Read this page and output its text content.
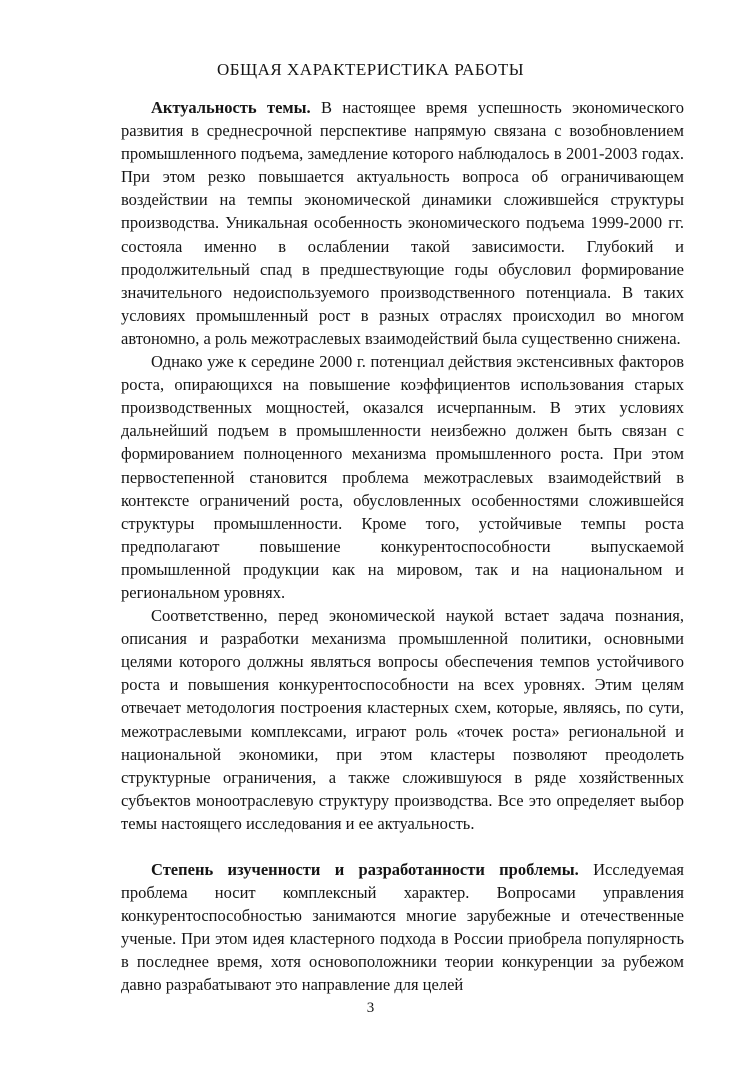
ОБЩАЯ ХАРАКТЕРИСТИКА РАБОТЫ

Актуальность темы. В настоящее время успешность экономического развития в среднесрочной перспективе напрямую связана с возобновлением промышленного подъема, замедление которого наблюдалось в 2001-2003 годах. При этом резко повышается актуальность вопроса об ограничивающем воздействии на темпы экономической динамики сложившейся структуры производства. Уникальная особенность экономического подъема 1999-2000 гг. состояла именно в ослаблении такой зависимости. Глубокий и продолжительный спад в предшествующие годы обусловил формирование значительного недоиспользуемого производственного потенциала. В таких условиях промышленный рост в разных отраслях происходил во многом автономно, а роль межотраслевых взаимодействий была существенно снижена.

Однако уже к середине 2000 г. потенциал действия экстенсивных факторов роста, опирающихся на повышение коэффициентов использования старых производственных мощностей, оказался исчерпанным. В этих условиях дальнейший подъем в промышленности неизбежно должен быть связан с формированием полноценного механизма промышленного роста. При этом первостепенной становится проблема межотраслевых взаимодействий в контексте ограничений роста, обусловленных особенностями сложившейся структуры промышленности. Кроме того, устойчивые темпы роста предполагают повышение конкурентоспособности выпускаемой промышленной продукции как на мировом, так и на национальном и региональном уровнях.

Соответственно, перед экономической наукой встает задача познания, описания и разработки механизма промышленной политики, основными целями которого должны являться вопросы обеспечения темпов устойчивого роста и повышения конкурентоспособности на всех уровнях. Этим целям отвечает методология построения кластерных схем, которые, являясь, по сути, межотраслевыми комплексами, играют роль «точек роста» региональной и национальной экономики, при этом кластеры позволяют преодолеть структурные ограничения, а также сложившуюся в ряде хозяйственных субъектов моноотраслевую структуру производства. Все это определяет выбор темы настоящего исследования и ее актуальность.

Степень изученности и разработанности проблемы. Исследуемая проблема носит комплексный характер. Вопросами управления конкурентоспособностью занимаются многие зарубежные и отечественные ученые. При этом идея кластерного подхода в России приобрела популярность в последнее время, хотя основоположники теории конкуренции за рубежом давно разрабатывают это направление для целей

3
